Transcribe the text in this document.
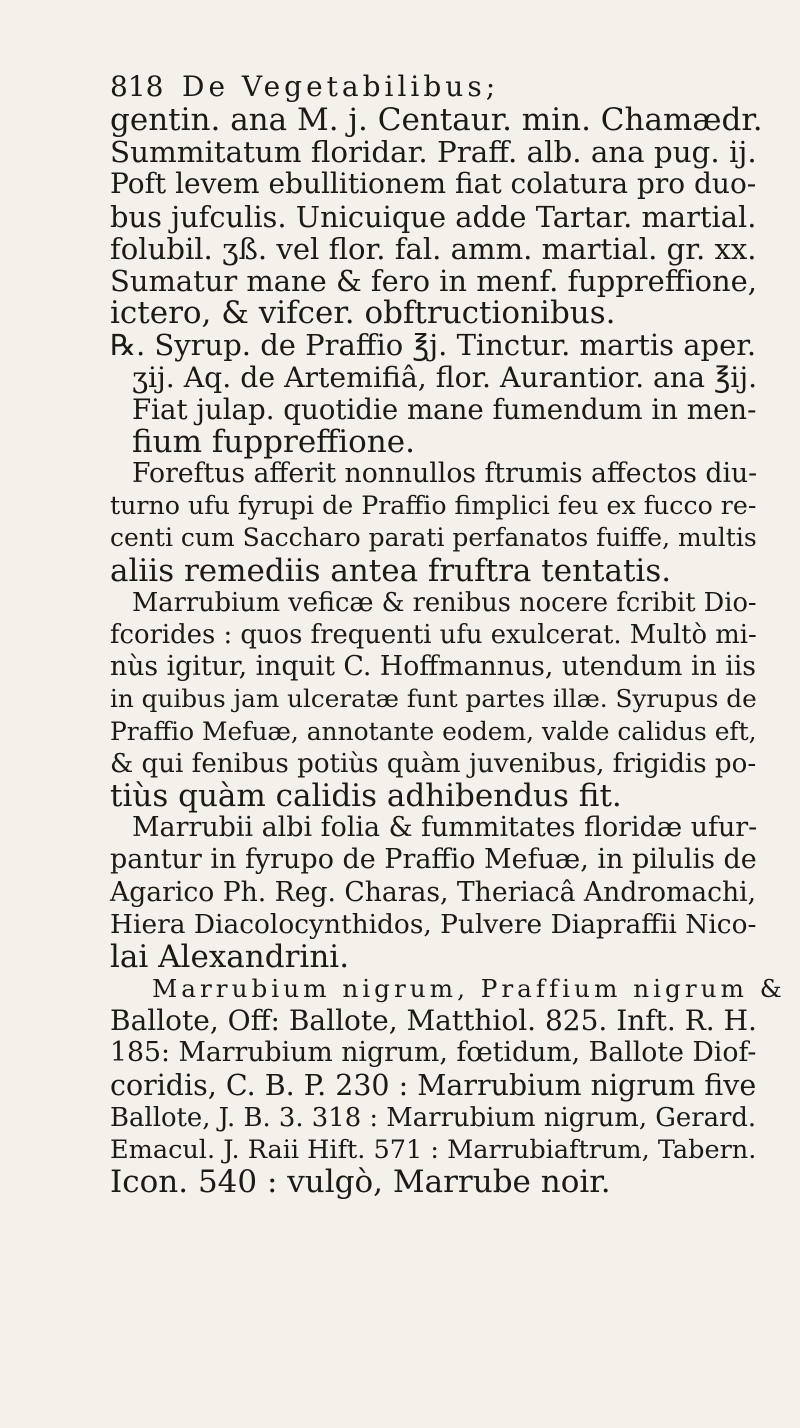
818 De Vegetabilibus;
gentin. ana M. j. Centaur. min. Chamædr.
Summitatum floridar. Praff. alb. ana pug. ij.
Poft levem ebullitionem fiat colatura pro duo-
bus jufculis. Unicuique adde Tartar. martial.
folubil. ʒß. vel flor. fal. amm. martial. gr. xx.
Sumatur mane & fero in menf. fuppreffione,
ictero, & vifcer. obftructionibus.
℞. Syrup. de Praffio ℥j. Tinctur. martis aper.
ʒij. Aq. de Artemifiâ, flor. Aurantior. ana ℥ij.
Fiat julap. quotidie mane fumendum in men-
fium fuppreffione.
Foreftus afferit nonnullos ftrumis affectos diu-
turno ufu fyrupi de Praffio fimplici feu ex fucco re-
centi cum Saccharo parati perfanatos fuiffe, multis
aliis remediis antea fruftra tentatis.
Marrubium veficæ & renibus nocere fcribit Dio-
fcorides : quos frequenti ufu exulcerat. Multò mi-
nùs igitur, inquit C. Hoffmannus, utendum in iis
in quibus jam ulceratæ funt partes illæ. Syrupus de
Praffio Mefuæ, annotante eodem, valde calidus eft,
& qui fenibus potiùs quàm juvenibus, frigidis po-
tiùs quàm calidis adhibendus fit.
Marrubii albi folia & fummitates floridæ ufur-
pantur in fyrupo de Praffio Mefuæ, in pilulis de
Agarico Ph. Reg. Charas, Theriacâ Andromachi,
Hiera Diacolocynthidos, Pulvere Diapraffii Nico-
lai Alexandrini.
Marrubium nigrum, Praffium nigrum &
Ballote, Off: Ballote, Matthiol. 825. Inft. R. H.
185: Marrubium nigrum, fœtidum, Ballote Diof-
coridis, C. B. P. 230 : Marrubium nigrum five
Ballote, J. B. 3. 318 : Marrubium nigrum, Gerard.
Emacul. J. Raii Hift. 571 : Marrubiaftrum, Tabern.
Icon. 540 : vulgò, Marrube noir.
